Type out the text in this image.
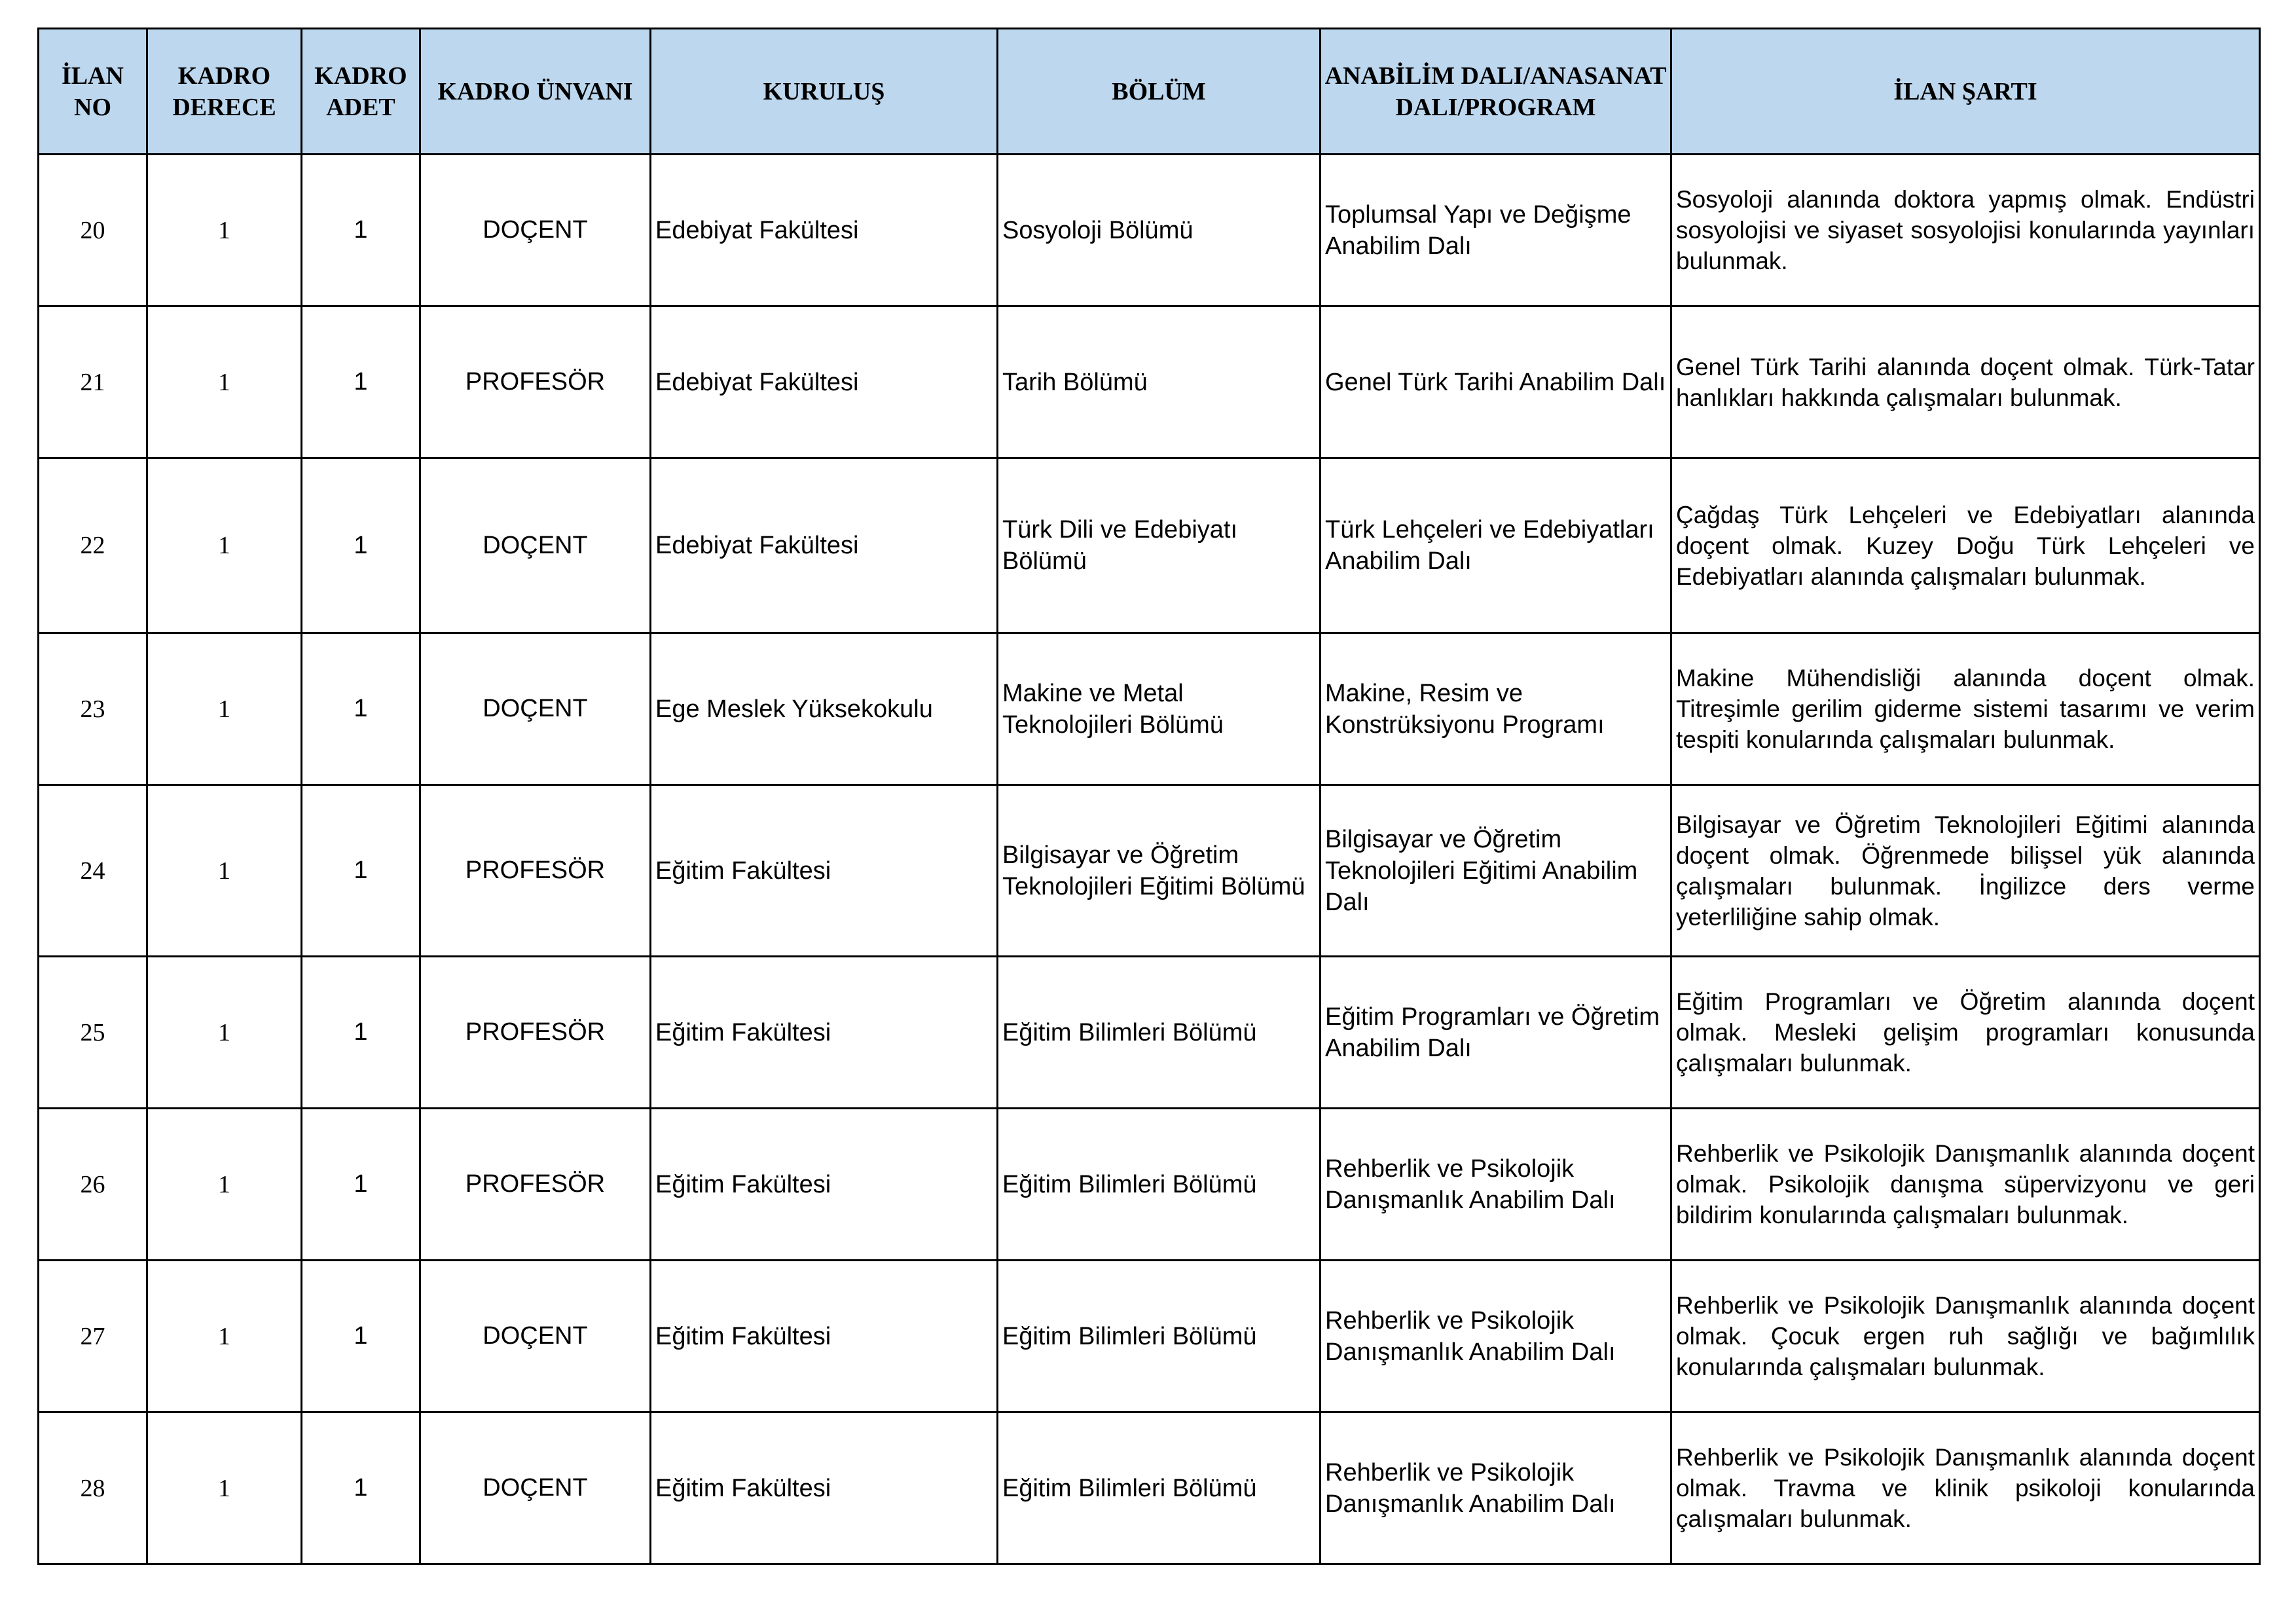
İLAN NO	KADRO DERECE	KADRO ADET	KADRO ÜNVANI	KURULUŞ	BÖLÜM	ANABİLİM DALI/ANASANAT DALI/PROGRAM	İLAN ŞARTI
20	1	1	DOÇENT	Edebiyat Fakültesi	Sosyoloji Bölümü	Toplumsal Yapı ve Değişme Anabilim Dalı	Sosyoloji alanında doktora yapmış olmak. Endüstri sosyolojisi ve siyaset sosyolojisi konularında yayınları bulunmak.
21	1	1	PROFESÖR	Edebiyat Fakültesi	Tarih Bölümü	Genel Türk Tarihi Anabilim Dalı	Genel Türk Tarihi alanında doçent olmak. Türk-Tatar hanlıkları hakkında çalışmaları bulunmak.
22	1	1	DOÇENT	Edebiyat Fakültesi	Türk Dili ve Edebiyatı Bölümü	Türk Lehçeleri ve Edebiyatları Anabilim Dalı	Çağdaş Türk Lehçeleri ve Edebiyatları alanında doçent olmak. Kuzey Doğu Türk Lehçeleri ve Edebiyatları alanında çalışmaları bulunmak.
23	1	1	DOÇENT	Ege Meslek Yüksekokulu	Makine ve Metal Teknolojileri Bölümü	Makine, Resim ve Konstrüksiyonu Programı	Makine Mühendisliği alanında doçent olmak. Titreşimle gerilim giderme sistemi tasarımı ve verim tespiti konularında çalışmaları bulunmak.
24	1	1	PROFESÖR	Eğitim Fakültesi	Bilgisayar ve Öğretim Teknolojileri Eğitimi Bölümü	Bilgisayar ve Öğretim Teknolojileri Eğitimi Anabilim Dalı	Bilgisayar ve Öğretim Teknolojileri Eğitimi alanında doçent olmak. Öğrenmede bilişsel yük alanında çalışmaları bulunmak. İngilizce ders verme yeterliliğine sahip olmak.
25	1	1	PROFESÖR	Eğitim Fakültesi	Eğitim Bilimleri Bölümü	Eğitim Programları ve Öğretim Anabilim Dalı	Eğitim Programları ve Öğretim alanında doçent olmak. Mesleki gelişim programları konusunda çalışmaları bulunmak.
26	1	1	PROFESÖR	Eğitim Fakültesi	Eğitim Bilimleri Bölümü	Rehberlik ve Psikolojik Danışmanlık Anabilim Dalı	Rehberlik ve Psikolojik Danışmanlık alanında doçent olmak. Psikolojik danışma süpervizyonu ve geri bildirim konularında çalışmaları bulunmak.
27	1	1	DOÇENT	Eğitim Fakültesi	Eğitim Bilimleri Bölümü	Rehberlik ve Psikolojik Danışmanlık Anabilim Dalı	Rehberlik ve Psikolojik Danışmanlık alanında doçent olmak. Çocuk ergen ruh sağlığı ve bağımlılık konularında çalışmaları bulunmak.
28	1	1	DOÇENT	Eğitim Fakültesi	Eğitim Bilimleri Bölümü	Rehberlik ve Psikolojik Danışmanlık Anabilim Dalı	Rehberlik ve Psikolojik Danışmanlık alanında doçent olmak. Travma ve klinik psikoloji konularında çalışmaları bulunmak.
